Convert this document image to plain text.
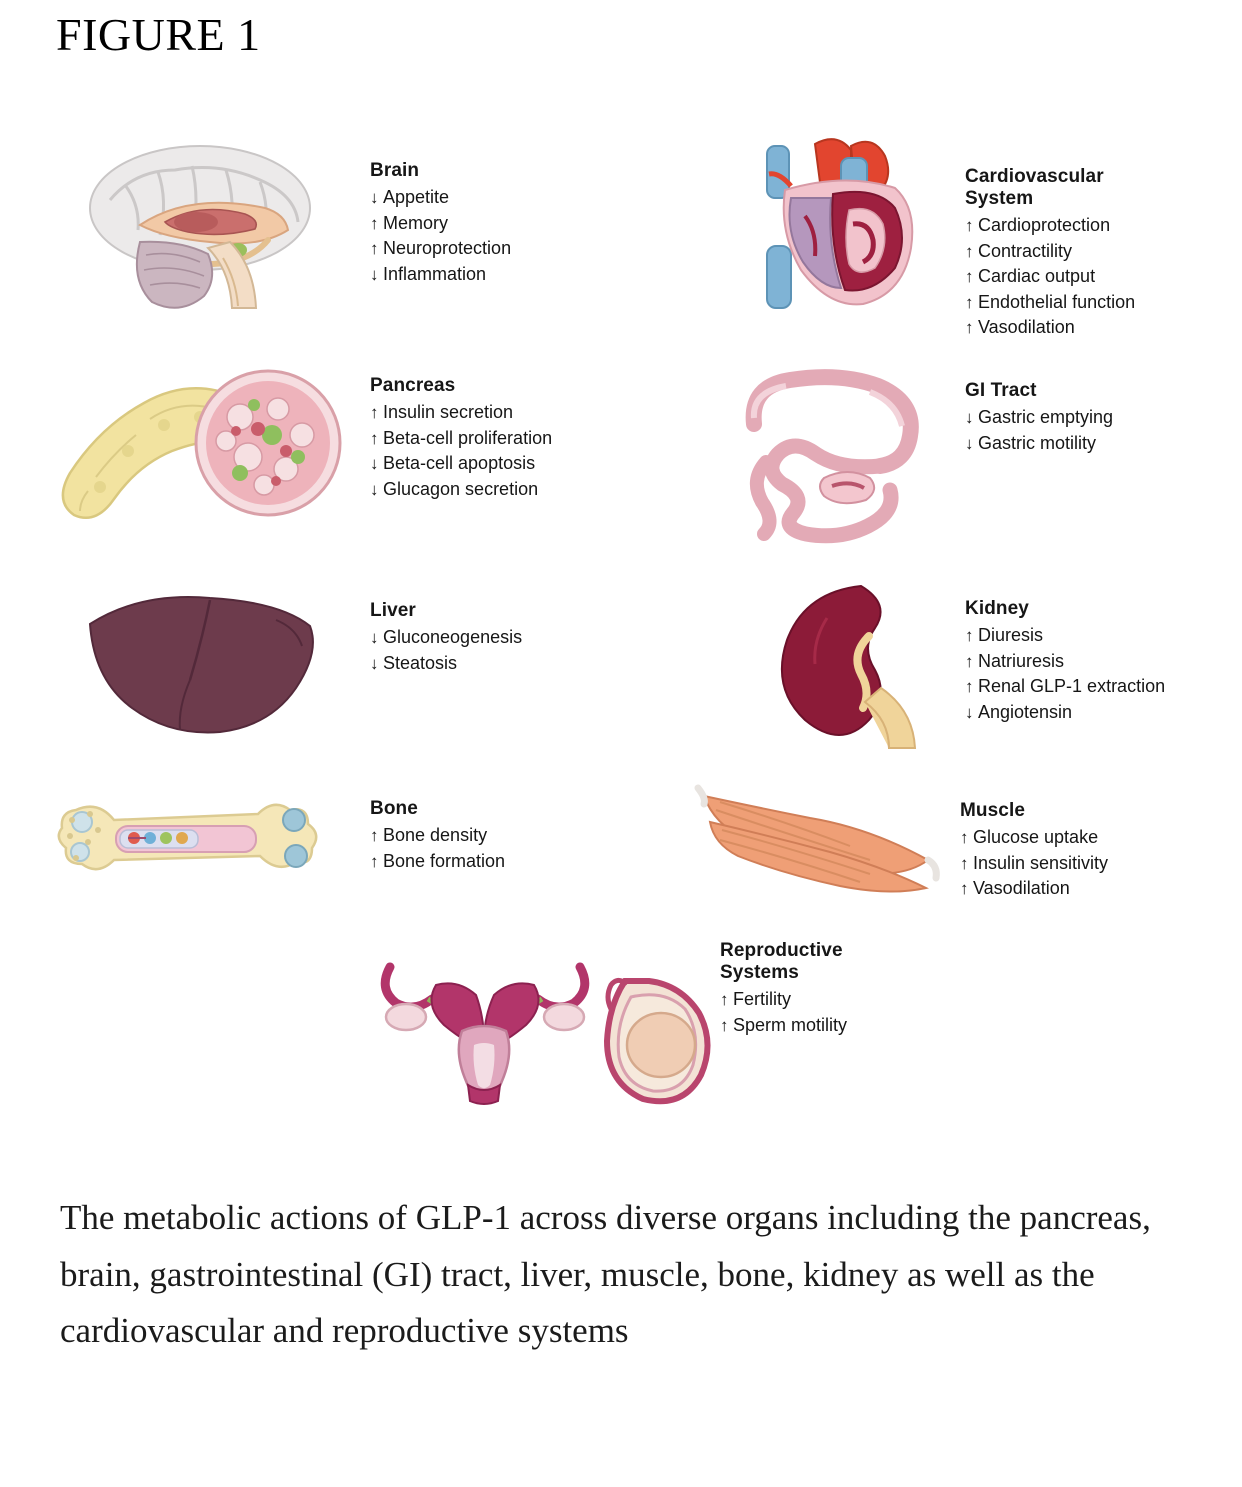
FIGURE 1
Brain
↓ Appetite
↑ Memory
↑ Neuroprotection
↓ Inflammation
Cardiovascular System
↑ Cardioprotection
↑ Contractility
↑ Cardiac output
↑ Endothelial function
↑ Vasodilation
Pancreas
↑ Insulin secretion
↑ Beta-cell proliferation
↓ Beta-cell apoptosis
↓ Glucagon secretion
GI Tract
↓ Gastric emptying
↓ Gastric motility
Liver
↓ Gluconeogenesis
↓ Steatosis
Kidney
↑ Diuresis
↑ Natriuresis
↑ Renal GLP-1 extraction
↓ Angiotensin
Bone
↑ Bone density
↑ Bone formation
Muscle
↑ Glucose uptake
↑ Insulin sensitivity
↑ Vasodilation
Reproductive Systems
↑ Fertility
↑ Sperm motility
The metabolic actions of GLP-1 across diverse organs including the pancreas, brain, gastrointestinal (GI) tract, liver, muscle, bone, kidney as well as the cardiovascular and reproductive systems
